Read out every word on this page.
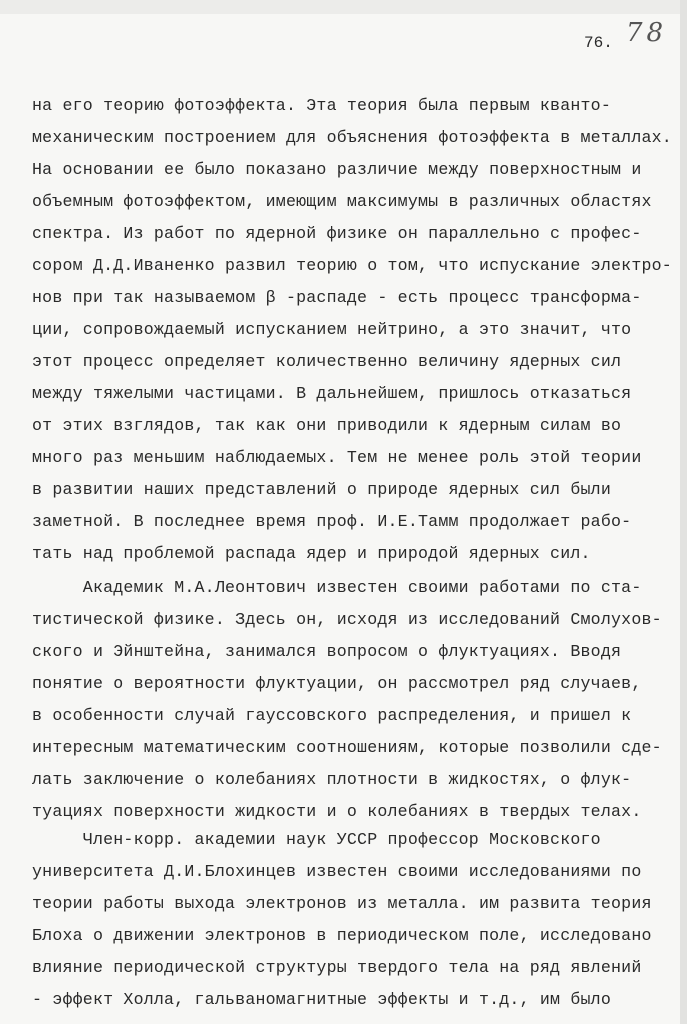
76. 78
на его теорию фотоэффекта. Эта теория была первым кванто-
механическим построением для объяснения фотоэффекта в металлах.
На основании ее было показано различие между поверхностным и
объемным фотоэффектом, имеющим максимумы в различных областях
спектра. Из работ по ядерной физике он параллельно с профес-
сором Д.Д.Иваненко развил теорию о том, что испускание электро-
нов при так называемом β -распаде - есть процесс трансформа-
ции, сопровождаемый испусканием нейтрино, а это значит, что
этот процесс определяет количественно величину ядерных сил
между тяжелыми частицами. В дальнейшем, пришлось отказаться
от этих взглядов, так как они приводили к ядерным силам во
много раз меньшим наблюдаемых. Тем не менее роль этой теории
в развитии наших представлений о природе ядерных сил были
заметной. В последнее время проф. И.Е.Тамм продолжает рабо-
тать над проблемой распада ядер и природой ядерных сил.
Академик М.А.Леонтович известен своими работами по ста-
тистической физике. Здесь он, исходя из исследований Смолухов-
ского и Эйнштейна, занимался вопросом о флуктуациях. Вводя
понятие о вероятности флуктуации, он рассмотрел ряд случаев,
в особенности случай гауссовского распределения, и пришел к
интересным математическим соотношениям, которые позволили сде-
лать заключение о колебаниях плотности в жидкостях, о флук-
туациях поверхности жидкости и о колебаниях в твердых телах.
Член-корр. академии наук УССР профессор Московского
университета Д.И.Блохинцев известен своими исследованиями по
теории работы выхода электронов из металла. им развита теория
Блоха о движении электронов в периодическом поле, исследовано
влияние периодической структуры твердого тела на ряд явлений
- эффект Холла, гальваномагнитные эффекты и т.д., им было
